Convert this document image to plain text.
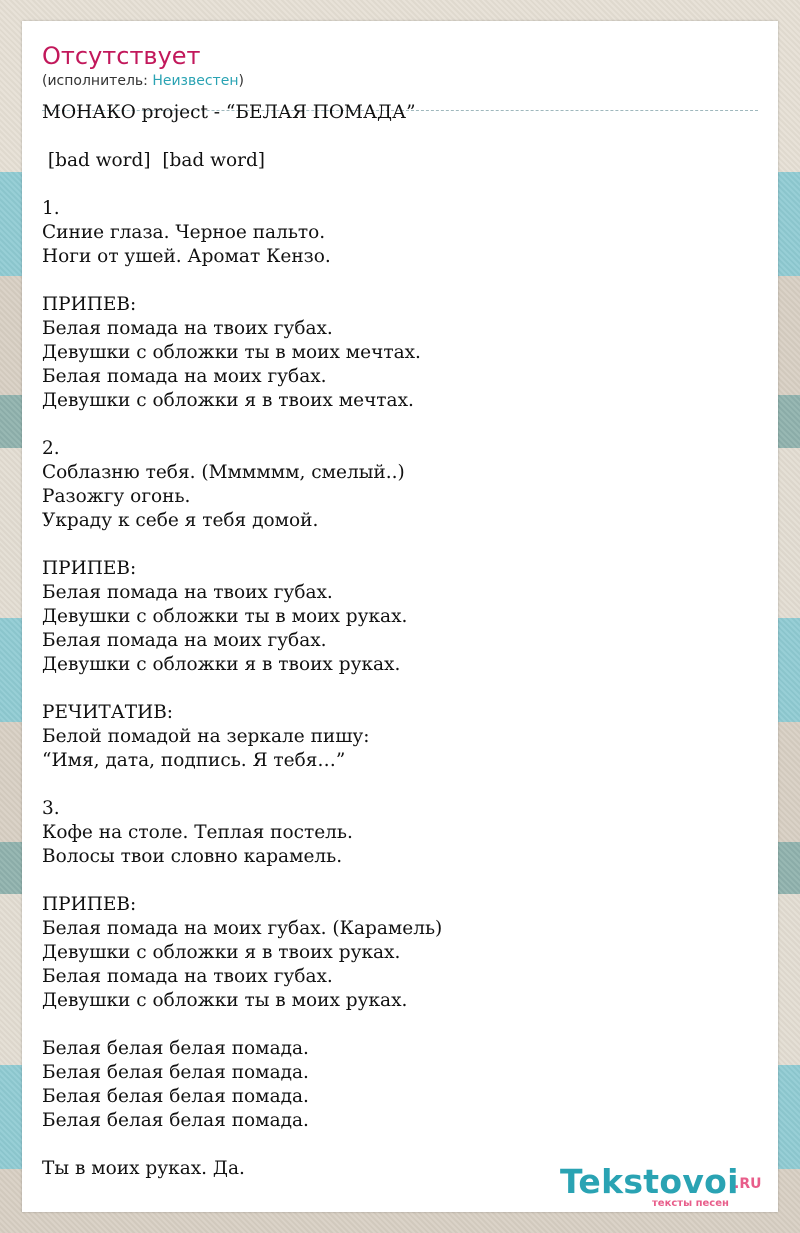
Отсутствует
(исполнитель: Неизвестен)
МОНАКО project - “БЕЛАЯ ПОМАДА”
[bad word]  [bad word]
1.
Синие глаза. Черное пальто.
Ноги от ушей. Аромат Кензо.
ПРИПЕВ:
Белая помада на твоих губах.
Девушки с обложки ты в моих мечтах.
Белая помада на моих губах.
Девушки с обложки я в твоих мечтах.
2.
Соблазню тебя. (Мммммм, смелый..)
Разожгу огонь.
Украду к себе я тебя домой.
ПРИПЕВ:
Белая помада на твоих губах.
Девушки с обложки ты в моих руках.
Белая помада на моих губах.
Девушки с обложки я в твоих руках.
РЕЧИТАТИВ:
Белой помадой на зеркале пишу:
“Имя, дата, подпись. Я тебя…”
3.
Кофе на столе. Теплая постель.
Волосы твои словно карамель.
ПРИПЕВ:
Белая помада на моих губах. (Карамель)
Девушки с обложки я в твоих руках.
Белая помада на твоих губах.
Девушки с обложки ты в моих руках.
Белая белая белая помада.
Белая белая белая помада.
Белая белая белая помада.
Белая белая белая помада.
Ты в моих руках. Да.	Tekstovoi
.RU
тексты песен
